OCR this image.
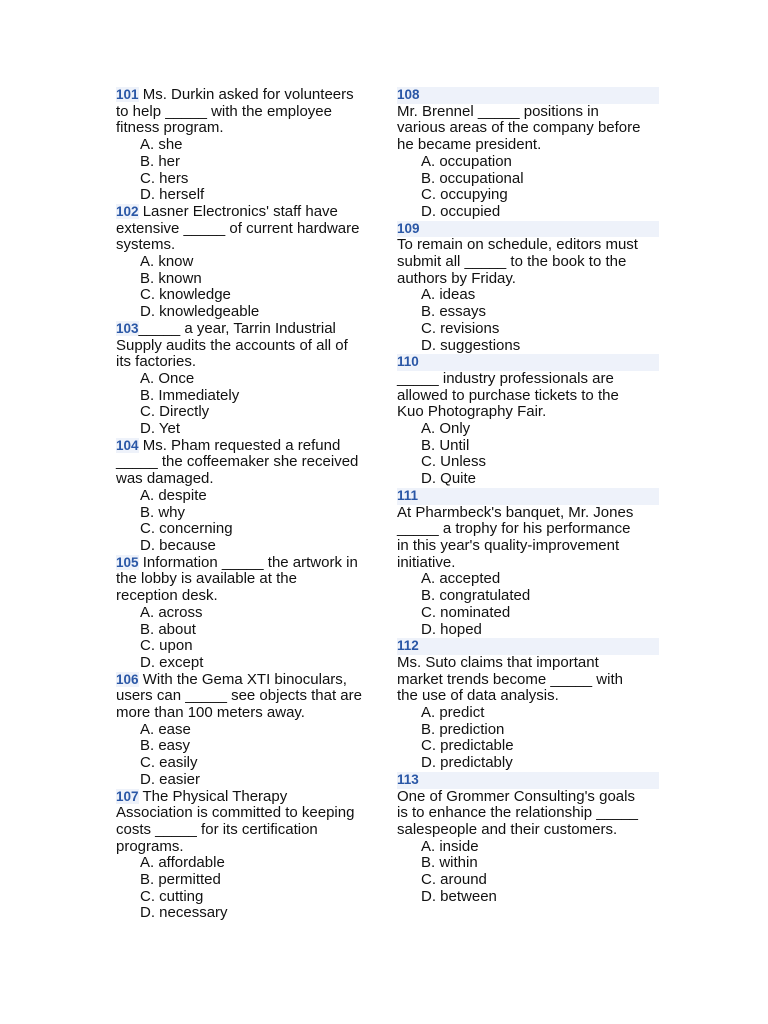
101 Ms. Durkin asked for volunteers
to help _____ with the employee
fitness program.
A. she
B. her
C. hers
D. herself
102 Lasner Electronics' staff have
extensive _____ of current hardware
systems.
A. know
B. known
C. knowledge
D. knowledgeable
103_____ a year, Tarrin Industrial
Supply audits the accounts of all of
its factories.
A. Once
B. Immediately
C. Directly
D. Yet
104 Ms. Pham requested a refund
_____ the coffeemaker she received
was damaged.
A. despite
B. why
C. concerning
D. because
105 Information _____ the artwork in
the lobby is available at the
reception desk.
A. across
B. about
C. upon
D. except
106 With the Gema XTI binoculars,
users can _____ see objects that are
more than 100 meters away.
A. ease
B. easy
C. easily
D. easier
107 The Physical Therapy
Association is committed to keeping
costs _____ for its certification
programs.
A. affordable
B. permitted
C. cutting
D. necessary
108
Mr. Brennel _____ positions in
various areas of the company before
he became president.
A. occupation
B. occupational
C. occupying
D. occupied
109
To remain on schedule, editors must
submit all _____ to the book to the
authors by Friday.
A. ideas
B. essays
C. revisions
D. suggestions
110
_____ industry professionals are
allowed to purchase tickets to the
Kuo Photography Fair.
A. Only
B. Until
C. Unless
D. Quite
111
At Pharmbeck's banquet, Mr. Jones
_____ a trophy for his performance
in this year's quality-improvement
initiative.
A. accepted
B. congratulated
C. nominated
D. hoped
112
Ms. Suto claims that important
market trends become _____ with
the use of data analysis.
A. predict
B. prediction
C. predictable
D. predictably
113
One of Grommer Consulting's goals
is to enhance the relationship _____
salespeople and their customers.
A. inside
B. within
C. around
D. between
